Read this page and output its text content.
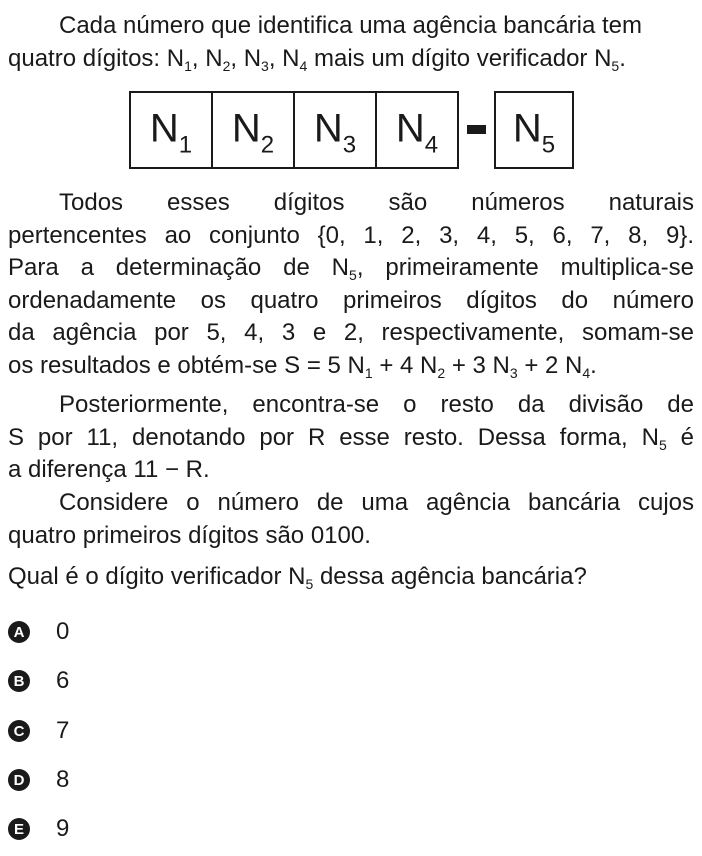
Cada número que identifica uma agência bancária tem
quatro dígitos: $N_1$, $N_2$, $N_3$, $N_4$ mais um dígito verificador $N_5$.
$N_1$ $N_2$ $N_3$ $N_4$ $N_5$
Todos esses dígitos são números naturais
pertencentes ao conjunto {0, 1, 2, 3, 4, 5, 6, 7, 8, 9}.
Para a determinação de $N_5$, primeiramente multiplica-se
ordenadamente os quatro primeiros dígitos do número
da agência por 5, 4, 3 e 2, respectivamente, somam-se
os resultados e obtém-se S = 5 $N_1 + 4$ $N_2 + 3$ $N_3 + 2$ $N_4$.
Posteriormente, encontra-se o resto da divisão de
S por 11, denotando por R esse resto. Dessa forma, $N_5$ é
a diferença 11 − R.
Considere o número de uma agência bancária cujos
quatro primeiros dígitos são 0100.
Qual é o dígito verificador $N_5$ dessa agência bancária?
A 0
B 6
C 7
D 8
E 9
